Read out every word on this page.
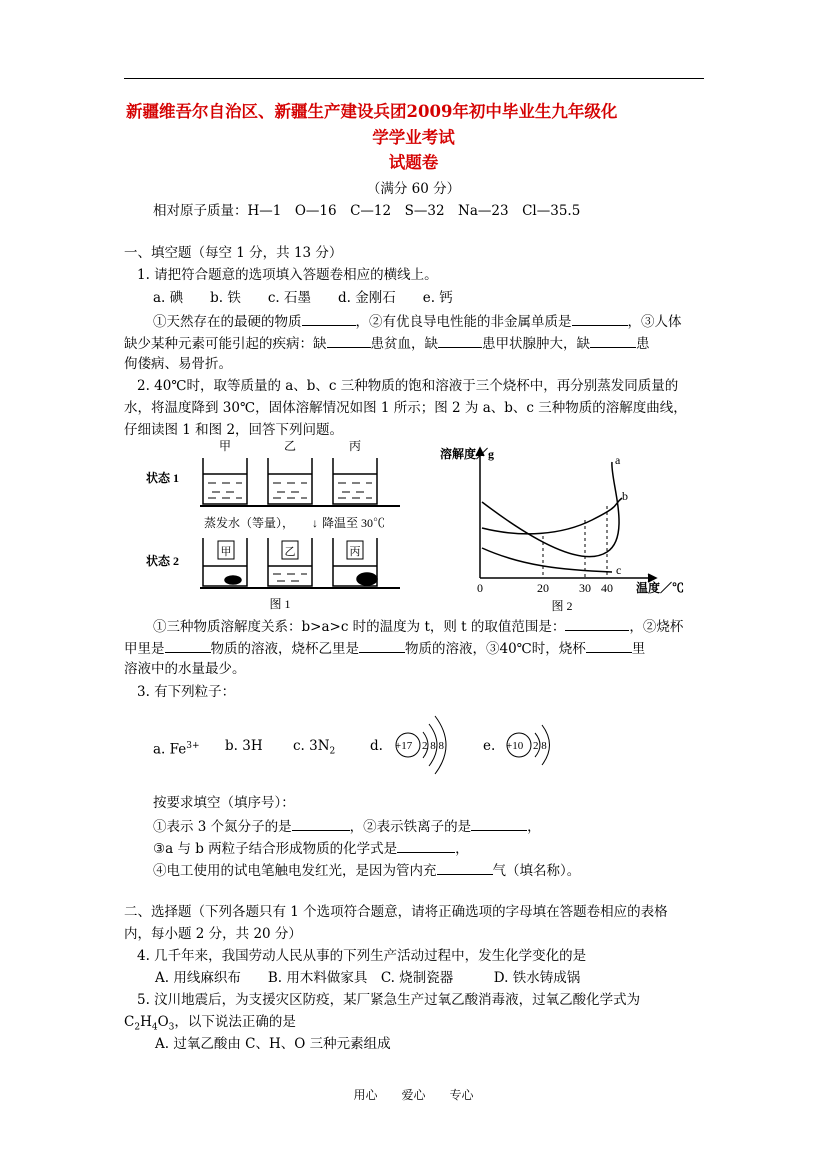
新疆维吾尔自治区、新疆生产建设兵团2009年初中毕业生九年级化
学学业考试
试题卷
（满分 60 分）
相对原子质量：H—1　O—16　C—12　S—32　Na—23　Cl—35.5
一、填空题（每空 1 分，共 13 分）
1. 请把符合题意的选项填入答题卷相应的横线上。
a. 碘　　b. 铁　　c. 石墨　　d. 金刚石　　e. 钙
①天然存在的最硬的物质	，②有优良导电性能的非金属单质是	，③人体
缺少某种元素可能引起的疾病：缺	患贫血，缺	患甲状腺肿大，缺	患
佝偻病、易骨折。
2. 40℃时，取等质量的 a、b、c 三种物质的饱和溶液于三个烧杯中，再分别蒸发同质量的
水，将温度降到 30℃，固体溶解情况如图 1 所示；图 2 为 a、b、c 三种物质的溶解度曲线，
仔细读图 1 和图 2，回答下列问题。
甲	乙	丙
状态 1
状态 2
蒸发水（等量）， ↓ 降温至 30℃
图 1
甲	乙	丙
溶解度／g
温度／℃
0	20	30 40
a
b
c
图 2
①三种物质溶解度关系：b>a>c 时的温度为 t，则 t 的取值范围是：	，②烧杯
甲里是	物质的溶液，烧杯乙里是	物质的溶液，③40℃时，烧杯	里
溶液中的水量最少。
3. 有下列粒子：
a. $Fe^{3+}$ b. 3H c. $3N_2$	d.	e.
+17 2 8 8	+10 2 8
按要求填空（填序号）：
①表示 3 个氮分子的是	，②表示铁离子的是	，
③a 与 b 两粒子结合形成物质的化学式是	，
④电工使用的试电笔触电发红光，是因为管内充	气（填名称）。
二、选择题（下列各题只有 1 个选项符合题意，请将正确选项的字母填在答题卷相应的表格
内，每小题 2 分，共 20 分）
4. 几千年来，我国劳动人民从事的下列生产活动过程中，发生化学变化的是
A. 用线麻织布　　B. 用木料做家具　C. 烧制瓷器　　　D. 铁水铸成锅
5. 汶川地震后，为支援灾区防疫，某厂紧急生产过氧乙酸消毒液，过氧乙酸化学式为
$C_2H_4O_3$，以下说法正确的是
A. 过氧乙酸由 C、H、O 三种元素组成
用心　　爱心　　专心
